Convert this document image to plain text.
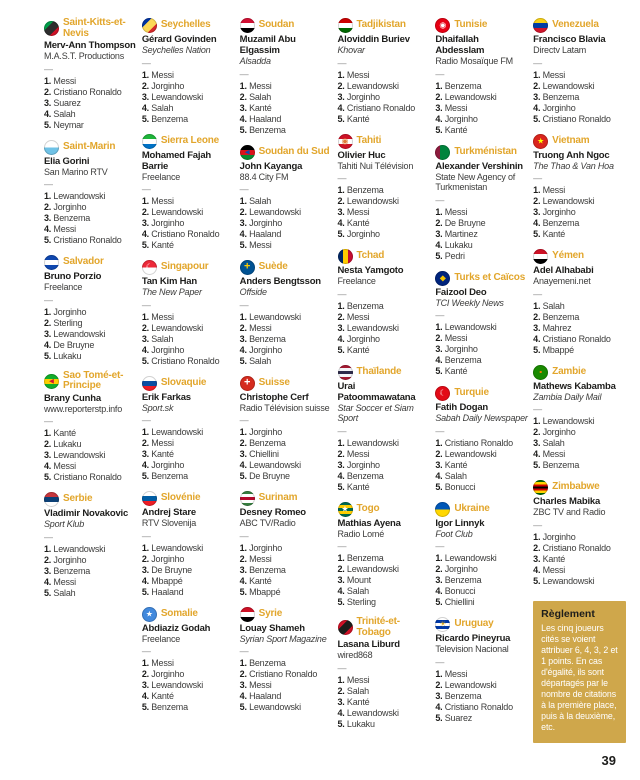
Saint-Kitts-et-Nevis
Merv-Ann Thompson
M.A.S.T. Productions
—
1. Messi
2. Cristiano Ronaldo
3. Suarez
4. Salah
5. Neymar
Saint-Marin
Elia Gorini
San Marino RTV
—
1. Lewandowski
2. Jorginho
3. Benzema
4. Messi
5. Cristiano Ronaldo
Salvador
Bruno Porzio
Freelance
—
1. Jorginho
2. Sterling
3. Lewandowski
4. De Bruyne
5. Lukaku
◄ Sao Tomé-et-Principe
Brany Cunha
www.reporterstp.info
—
1. Kanté
2. Lukaku
3. Lewandowski
4. Messi
5. Cristiano Ronaldo
Serbie
Vladimir Novakovic
Sport Klub
—
1. Lewandowski
2. Jorginho
3. Benzema
4. Messi
5. Salah
Seychelles
Gérard Govinden
Seychelles Nation
—
1. Messi
2. Jorginho
3. Lewandowski
4. Salah
5. Benzema
Sierra Leone
Mohamed Fajah Barrie
Freelance
—
1. Messi
2. Lewandowski
3. Jorginho
4. Cristiano Ronaldo
5. Kanté
☾ Singapour
Tan Kim Han
The New Paper
—
1. Messi
2. Lewandowski
3. Salah
4. Jorginho
5. Cristiano Ronaldo
Slovaquie
Erik Farkas
Sport.sk
—
1. Lewandowski
2. Messi
3. Kanté
4. Jorginho
5. Benzema
Slovénie
Andrej Stare
RTV Slovenija
—
1. Lewandowski
2. Jorginho
3. De Bruyne
4. Mbappé
5. Haaland
★ Somalie
Abdiaziz Godah
Freelance
—
1. Messi
2. Jorginho
3. Lewandowski
4. Kanté
5. Benzema
Soudan
Muzamil Abu Elgassim
Alsadda
—
1. Messi
2. Salah
3. Kanté
4. Haaland
5. Benzema
◄ Soudan du Sud
John Kayanga
88.4 City FM
—
1. Salah
2. Lewandowski
3. Jorginho
4. Haaland
5. Messi
+ Suède
Anders Bengtsson
Offside
—
1. Lewandowski
2. Messi
3. Benzema
4. Jorginho
5. Salah
+ Suisse
Christophe Cerf
Radio Télévision suisse
—
1. Jorginho
2. Benzema
3. Chiellini
4. Lewandowski
5. De Bruyne
Surinam
Desney Romeo
ABC TV/Radio
—
1. Jorginho
2. Messi
3. Benzema
4. Kanté
5. Mbappé
Syrie
Louay Shameh
Syrian Sport Magazine
—
1. Benzema
2. Cristiano Ronaldo
3. Messi
4. Haaland
5. Lewandowski
Tadjikistan
Aloviddin Buriev
Khovar
—
1. Messi
2. Lewandowski
3. Jorginho
4. Cristiano Ronaldo
5. Kanté
◉ Tahiti
Olivier Huc
Tahiti Nui Télévision
—
1. Benzema
2. Lewandowski
3. Messi
4. Kanté
5. Jorginho
Tchad
Nesta Yamgoto
Freelance
—
1. Benzema
2. Messi
3. Lewandowski
4. Jorginho
5. Kanté
Thaïlande
Urai Patoommawatana
Star Soccer et Siam Sport
—
1. Lewandowski
2. Messi
3. Jorginho
4. Benzema
5. Kanté
★ Togo
Mathias Ayena
Radio Lomé
—
1. Benzema
2. Lewandowski
3. Mount
4. Salah
5. Sterling
Trinité-et-Tobago
Lasana Liburd
wired868
—
1. Messi
2. Salah
3. Kanté
4. Lewandowski
5. Lukaku
◉ Tunisie
Dhaifallah Abdesslam
Radio Mosaïque FM
—
1. Benzema
2. Lewandowski
3. Messi
4. Jorginho
5. Kanté
Turkménistan
Alexander Vershinin
State New Agency of Turkmenistan
—
1. Messi
2. De Bruyne
3. Martinez
4. Lukaku
5. Pedri
◆ Turks et Caïcos
Faizool Deo
TCI Weekly News
—
1. Lewandowski
2. Messi
3. Jorginho
4. Benzema
5. Kanté
☾ Turquie
Fatih Dogan
Sabah Daily Newspaper
—
1. Cristiano Ronaldo
2. Lewandowski
3. Kanté
4. Salah
5. Bonucci
Ukraine
Igor Linnyk
Foot Club
—
1. Lewandowski
2. Jorginho
3. Benzema
4. Bonucci
5. Chiellini
☀ Uruguay
Ricardo Pineyrua
Television Nacional
—
1. Messi
2. Lewandowski
3. Benzema
4. Cristiano Ronaldo
5. Suarez
Venezuela
Francisco Blavia
Directv Latam
—
1. Messi
2. Lewandowski
3. Benzema
4. Jorginho
5. Cristiano Ronaldo
★ Vietnam
Truong Anh Ngoc
The Thao & Van Hoa
—
1. Messi
2. Lewandowski
3. Jorginho
4. Benzema
5. Kanté
Yémen
Adel Alhababi
Anayemeni.net
—
1. Salah
2. Benzema
3. Mahrez
4. Cristiano Ronaldo
5. Mbappé
▪ Zambie
Mathews Kabamba
Zambia Daily Mail
—
1. Lewandowski
2. Jorginho
3. Salah
4. Messi
5. Benzema
Zimbabwe
Charles Mabika
ZBC TV and Radio
—
1. Jorginho
2. Cristiano Ronaldo
3. Kanté
4. Messi
5. Lewandowski
Règlement
Les cinq joueurs cités se voient attribuer 6, 4, 3, 2 et 1 points. En cas d'égalité, ils sont départagés par le nombre de citations à la première place, puis à la deuxième, etc.
39
